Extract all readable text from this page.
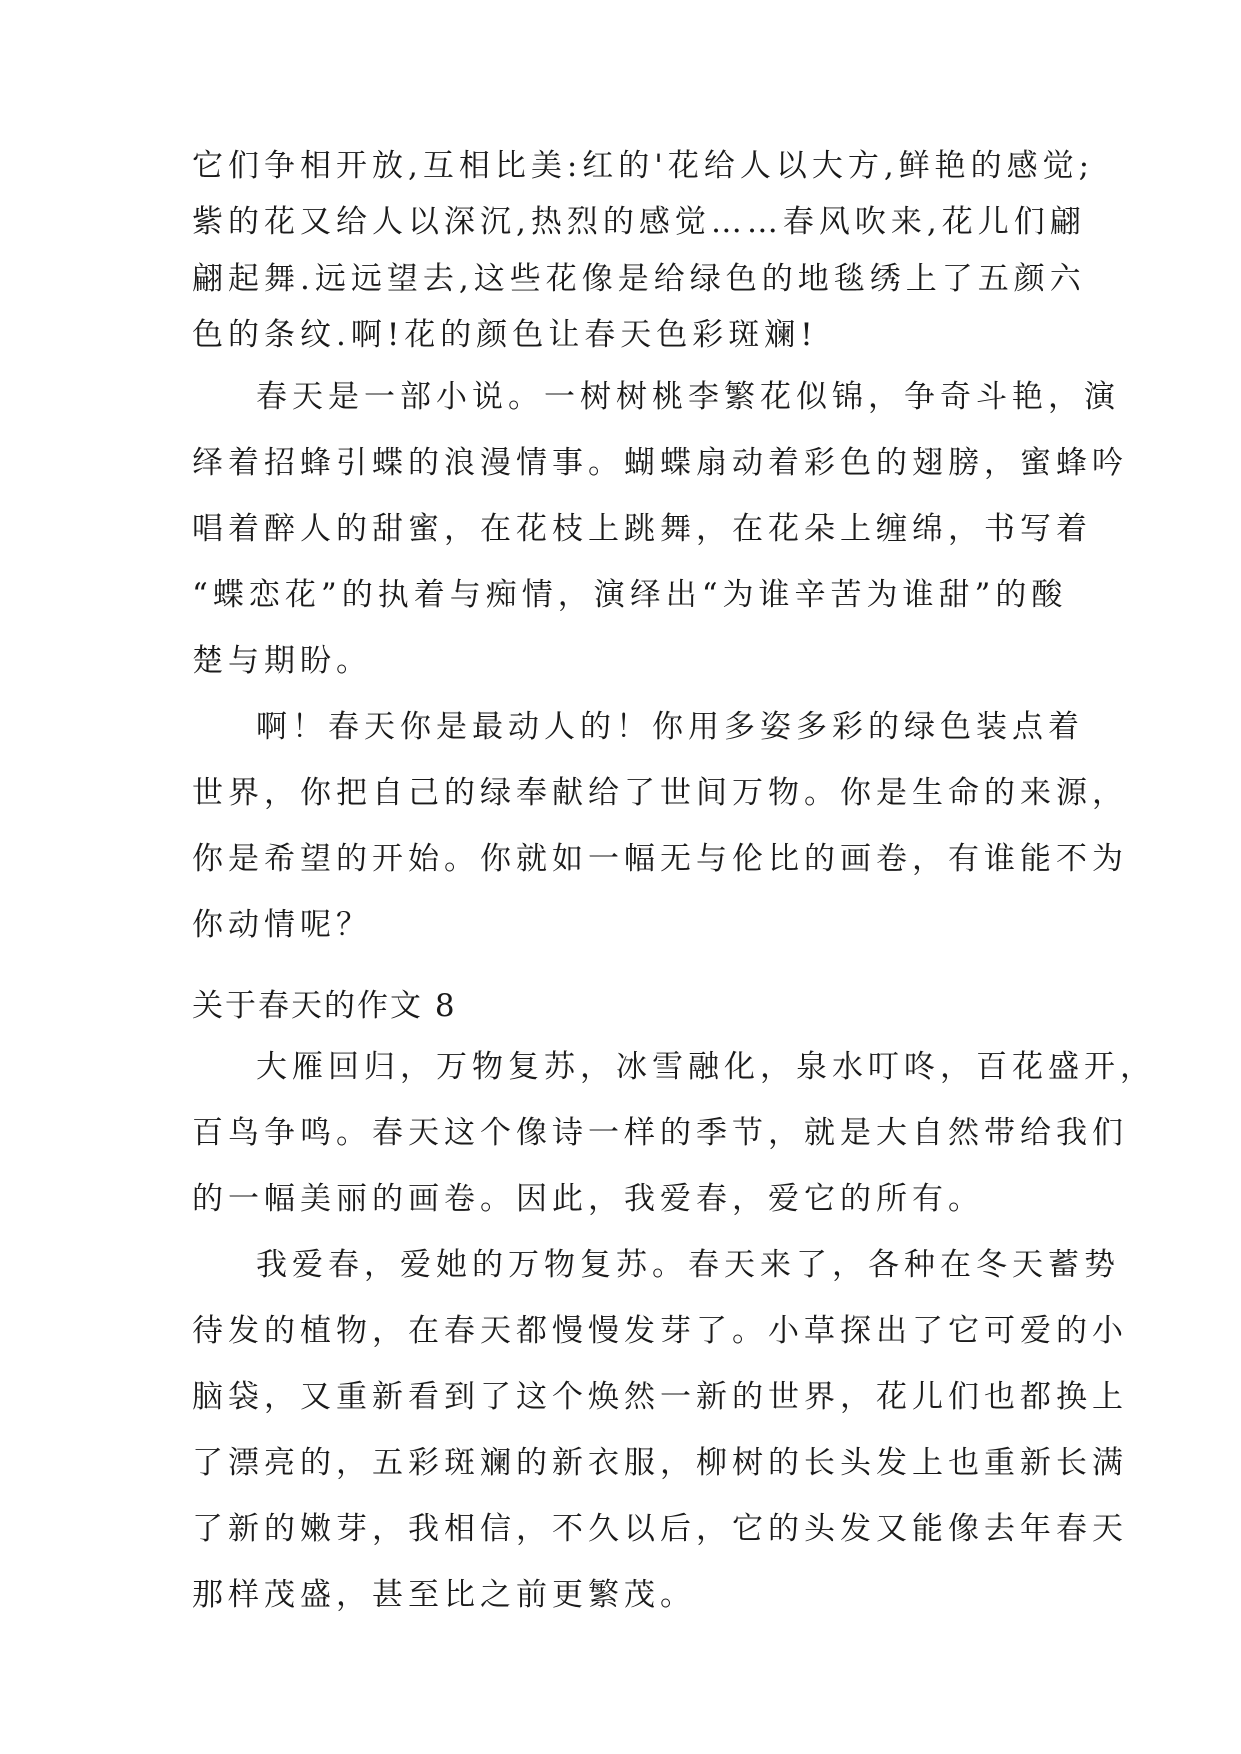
它们争相开放,互相比美:红的'花给人以大方,鲜艳的感觉;
紫的花又给人以深沉,热烈的感觉……春风吹来,花儿们翩
翩起舞.远远望去,这些花像是给绿色的地毯绣上了五颜六
色的条纹.啊!花的颜色让春天色彩斑斓!
春天是一部小说。一树树桃李繁花似锦，争奇斗艳，演
绎着招蜂引蝶的浪漫情事。蝴蝶扇动着彩色的翅膀，蜜蜂吟
唱着醉人的甜蜜，在花枝上跳舞，在花朵上缠绵，书写着
“蝶恋花”的执着与痴情，演绎出“为谁辛苦为谁甜”的酸
楚与期盼。
啊！春天你是最动人的！你用多姿多彩的绿色装点着
世界，你把自己的绿奉献给了世间万物。你是生命的来源，
你是希望的开始。你就如一幅无与伦比的画卷，有谁能不为
你动情呢？
关于春天的作文 8
大雁回归，万物复苏，冰雪融化，泉水叮咚，百花盛开，
百鸟争鸣。春天这个像诗一样的季节，就是大自然带给我们
的一幅美丽的画卷。因此，我爱春，爱它的所有。
我爱春，爱她的万物复苏。春天来了，各种在冬天蓄势
待发的植物，在春天都慢慢发芽了。小草探出了它可爱的小
脑袋，又重新看到了这个焕然一新的世界，花儿们也都换上
了漂亮的，五彩斑斓的新衣服，柳树的长头发上也重新长满
了新的嫩芽，我相信，不久以后，它的头发又能像去年春天
那样茂盛，甚至比之前更繁茂。
